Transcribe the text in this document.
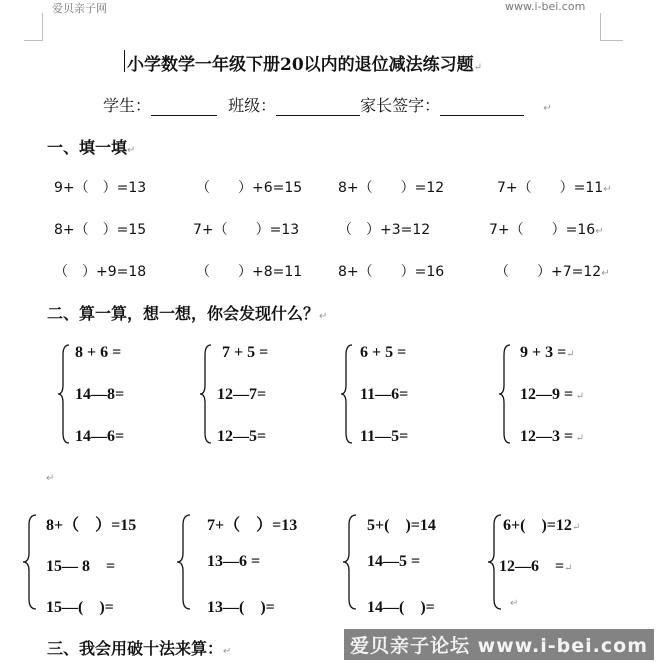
爱贝亲子网	www.i-bei.com
小学数学一年级下册20以内的退位减法练习题↵
学生：	班级：	家长签字：	↵
一、填一填↵
9+（　）=13	（　　）+6=15	8+（　　）=12	7+（　　）=11↵
8+（　）=15	7+（　　）=13	（　）+3=12	7+（　　）=16↵
（　）+9=18	（　　）+8=11	8+（　　）=16	（　　）+7=12↵
二、算一算，想一想，你会发现什么？↵
8 + 6 =
14—8=
14—6=
7 + 5 =
12—7=
12—5=
6 + 5 =
11—6=
11—5=
9 + 3 =↵
12—9 = ↵
12—3 = ↵
↵
8+（　）=15
15— 8　=
15—(　)=
7+（　）=13
13—6 =
13—(　)=
5+(　)=14
14—5 =
14—(　)=
6+(　)=12↵
12—6　=↵
↵
三、我会用破十法来算：↵	爱贝亲子论坛 www.i-bei.com
